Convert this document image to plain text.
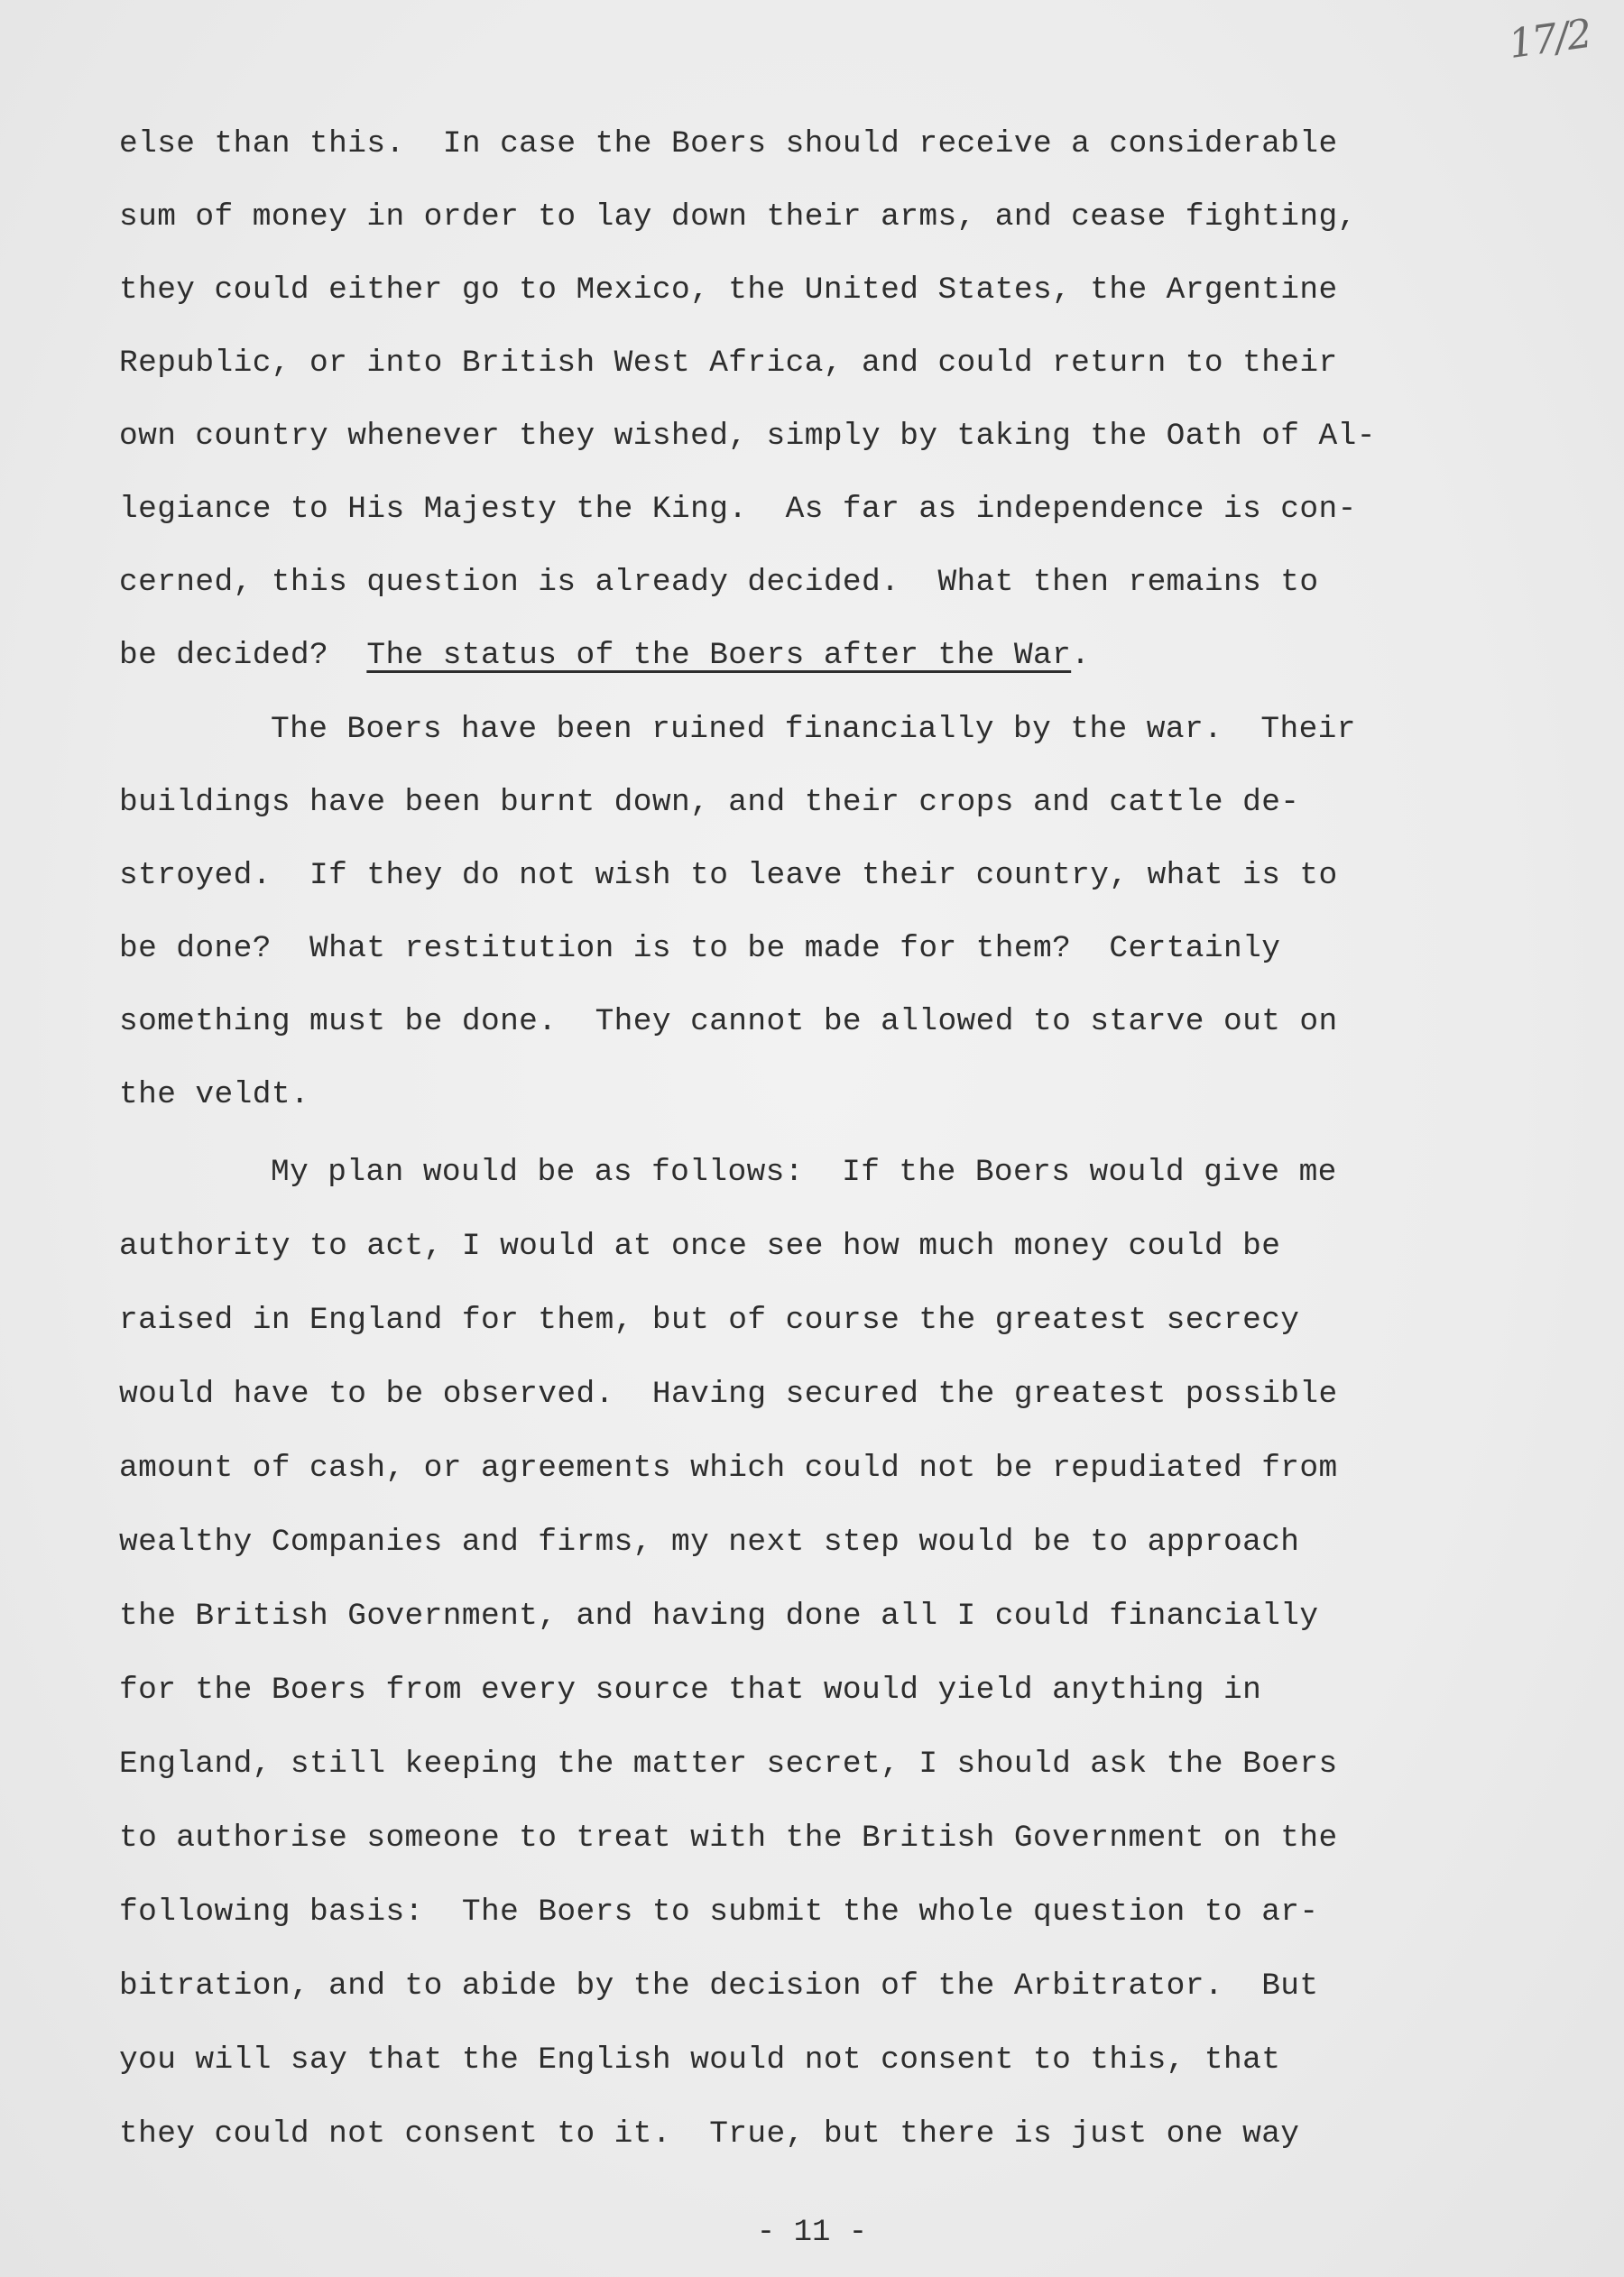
17/2
else than this.  In case the Boers should receive a considerable
sum of money in order to lay down their arms, and cease fighting,
they could either go to Mexico, the United States, the Argentine
Republic, or into British West Africa, and could return to their
own country whenever they wished, simply by taking the Oath of Al-
legiance to His Majesty the King.  As far as independence is con-
cerned, this question is already decided.  What then remains to
be decided?  The status of the Boers after the War.
The Boers have been ruined financially by the war.  Their
buildings have been burnt down, and their crops and cattle de-
stroyed.  If they do not wish to leave their country, what is to
be done?  What restitution is to be made for them?  Certainly
something must be done.  They cannot be allowed to starve out on
the veldt.
My plan would be as follows:  If the Boers would give me
authority to act, I would at once see how much money could be
raised in England for them, but of course the greatest secrecy
would have to be observed.  Having secured the greatest possible
amount of cash, or agreements which could not be repudiated from
wealthy Companies and firms, my next step would be to approach
the British Government, and having done all I could financially
for the Boers from every source that would yield anything in
England, still keeping the matter secret, I should ask the Boers
to authorise someone to treat with the British Government on the
following basis:  The Boers to submit the whole question to ar-
bitration, and to abide by the decision of the Arbitrator.  But
you will say that the English would not consent to this, that
they could not consent to it.  True, but there is just one way
- 11 -
